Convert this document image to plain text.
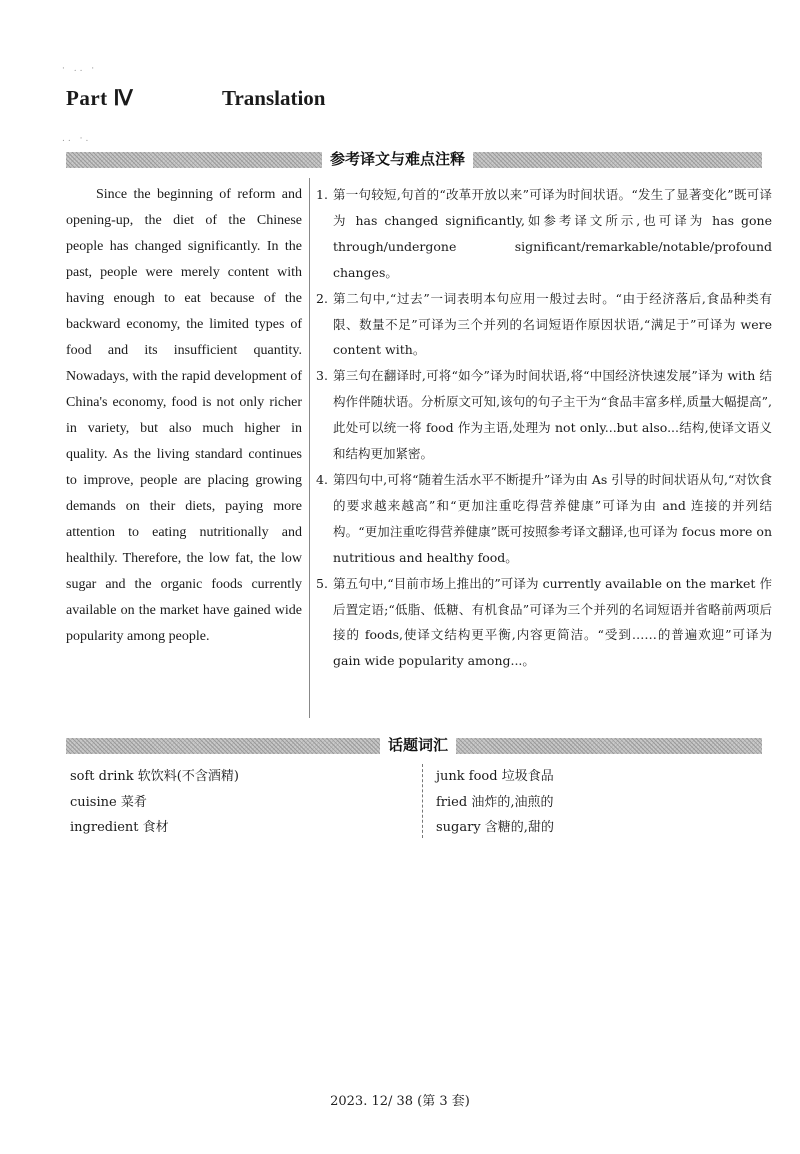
Part Ⅳ	Translation
· .. ·
.. ·.
参考译文与难点注释
Since the beginning of reform and opening-up, the diet of the Chinese people has changed significantly. In the past, people were merely content with having enough to eat because of the backward economy, the limited types of food and its insufficient quantity. Nowadays, with the rapid development of China's economy, food is not only richer in variety, but also much higher in quality. As the living standard continues to improve, people are placing growing demands on their diets, paying more attention to eating nutritionally and healthily. Therefore, the low fat, the low sugar and the organic foods currently available on the market have gained wide popularity among people.
1. 第一句较短,句首的“改革开放以来”可译为时间状语。“发生了显著变化”既可译为 has changed significantly,如参考译文所示,也可译为 has gone through/undergone significant/remarkable/notable/profound changes。
2. 第二句中,“过去”一词表明本句应用一般过去时。“由于经济落后,食品种类有限、数量不足”可译为三个并列的名词短语作原因状语,“满足于”可译为 were content with。
3. 第三句在翻译时,可将“如今”译为时间状语,将“中国经济快速发展”译为 with 结构作伴随状语。分析原文可知,该句的句子主干为“食品丰富多样,质量大幅提高”,此处可以统一将 food 作为主语,处理为 not only...but also...结构,使译文语义和结构更加紧密。
4. 第四句中,可将“随着生活水平不断提升”译为由 As 引导的时间状语从句,“对饮食的要求越来越高”和“更加注重吃得营养健康”可译为由 and 连接的并列结构。“更加注重吃得营养健康”既可按照参考译文翻译,也可译为 focus more on nutritious and healthy food。
5. 第五句中,“目前市场上推出的”可译为 currently available on the market 作后置定语;“低脂、低糖、有机食品”可译为三个并列的名词短语并省略前两项后接的 foods,使译文结构更平衡,内容更简洁。“受到……的普遍欢迎”可译为 gain wide popularity among...。
话题词汇
soft drink 软饮料(不含酒精)
cuisine 菜肴
ingredient 食材
junk food 垃圾食品
fried 油炸的,油煎的
sugary 含糖的,甜的
2023. 12/ 38 (第 3 套)
